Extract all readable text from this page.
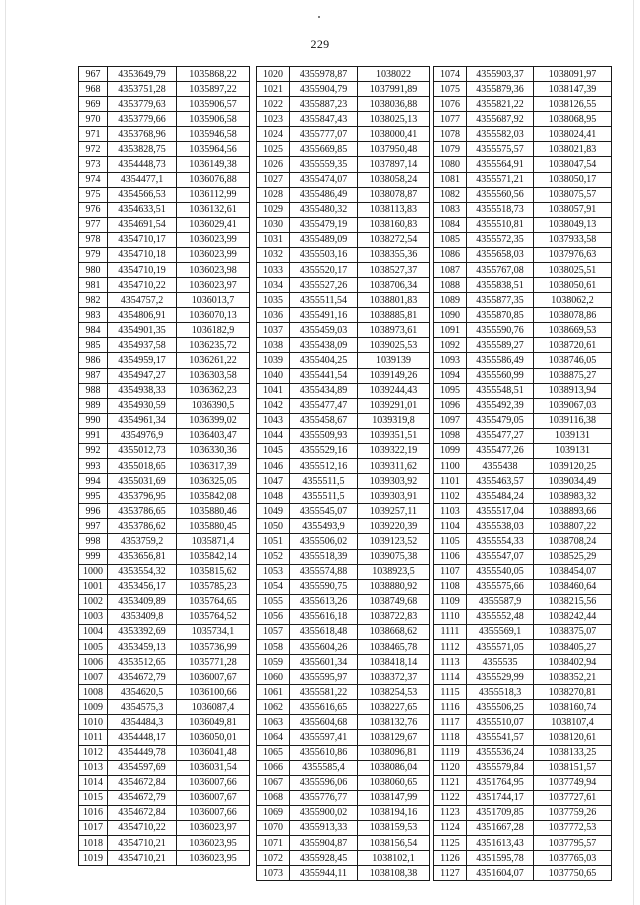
229
967	4353649,79	1035868,22
968	4353751,28	1035897,22
969	4353779,63	1035906,57
970	4353779,66	1035906,58
971	4353768,96	1035946,58
972	4353828,75	1035964,56
973	4354448,73	1036149,38
974	4354477,1	1036076,88
975	4354566,53	1036112,99
976	4354633,51	1036132,61
977	4354691,54	1036029,41
978	4354710,17	1036023,99
979	4354710,18	1036023,99
980	4354710,19	1036023,98
981	4354710,22	1036023,97
982	4354757,2	1036013,7
983	4354806,91	1036070,13
984	4354901,35	1036182,9
985	4354937,58	1036235,72
986	4354959,17	1036261,22
987	4354947,27	1036303,58
988	4354938,33	1036362,23
989	4354930,59	1036390,5
990	4354961,34	1036399,02
991	4354976,9	1036403,47
992	4355012,73	1036330,36
993	4355018,65	1036317,39
994	4355031,69	1036325,05
995	4353796,95	1035842,08
996	4353786,65	1035880,46
997	4353786,62	1035880,45
998	4353759,2	1035871,4
999	4353656,81	1035842,14
1000	4353554,32	1035815,62
1001	4353456,17	1035785,23
1002	4353409,89	1035764,65
1003	4353409,8	1035764,52
1004	4353392,69	1035734,1
1005	4353459,13	1035736,99
1006	4353512,65	1035771,28
1007	4354672,79	1036007,67
1008	4354620,5	1036100,66
1009	4354575,3	1036087,4
1010	4354484,3	1036049,81
1011	4354448,17	1036050,01
1012	4354449,78	1036041,48
1013	4354597,69	1036031,54
1014	4354672,84	1036007,66
1015	4354672,79	1036007,67
1016	4354672,84	1036007,66
1017	4354710,22	1036023,97
1018	4354710,21	1036023,95
1019	4354710,21	1036023,95
1020	4355978,87	1038022
1021	4355904,79	1037991,89
1022	4355887,23	1038036,88
1023	4355847,43	1038025,13
1024	4355777,07	1038000,41
1025	4355669,85	1037950,48
1026	4355559,35	1037897,14
1027	4355474,07	1038058,24
1028	4355486,49	1038078,87
1029	4355480,32	1038113,83
1030	4355479,19	1038160,83
1031	4355489,09	1038272,54
1032	4355503,16	1038355,36
1033	4355520,17	1038527,37
1034	4355527,26	1038706,34
1035	4355511,54	1038801,83
1036	4355491,16	1038885,81
1037	4355459,03	1038973,61
1038	4355438,09	1039025,53
1039	4355404,25	1039139
1040	4355441,54	1039149,26
1041	4355434,89	1039244,43
1042	4355477,47	1039291,01
1043	4355458,67	1039319,8
1044	4355509,93	1039351,51
1045	4355529,16	1039322,19
1046	4355512,16	1039311,62
1047	4355511,5	1039303,92
1048	4355511,5	1039303,91
1049	4355545,07	1039257,11
1050	4355493,9	1039220,39
1051	4355506,02	1039123,52
1052	4355518,39	1039075,38
1053	4355574,88	1038923,5
1054	4355590,75	1038880,92
1055	4355613,26	1038749,68
1056	4355616,18	1038722,83
1057	4355618,48	1038668,62
1058	4355604,26	1038465,78
1059	4355601,34	1038418,14
1060	4355595,97	1038372,37
1061	4355581,22	1038254,53
1062	4355616,65	1038227,65
1063	4355604,68	1038132,76
1064	4355597,41	1038129,67
1065	4355610,86	1038096,81
1066	4355585,4	1038086,04
1067	4355596,06	1038060,65
1068	4355776,77	1038147,99
1069	4355900,02	1038194,16
1070	4355913,33	1038159,53
1071	4355904,87	1038156,54
1072	4355928,45	1038102,1
1073	4355944,11	1038108,38
1074	4355903,37	1038091,97
1075	4355879,36	1038147,39
1076	4355821,22	1038126,55
1077	4355687,92	1038068,95
1078	4355582,03	1038024,41
1079	4355575,57	1038021,83
1080	4355564,91	1038047,54
1081	4355571,21	1038050,17
1082	4355560,56	1038075,57
1083	4355518,73	1038057,91
1084	4355510,81	1038049,13
1085	4355572,35	1037933,58
1086	4355658,03	1037976,63
1087	4355767,08	1038025,51
1088	4355838,51	1038050,61
1089	4355877,35	1038062,2
1090	4355870,85	1038078,86
1091	4355590,76	1038669,53
1092	4355589,27	1038720,61
1093	4355586,49	1038746,05
1094	4355560,99	1038875,27
1095	4355548,51	1038913,94
1096	4355492,39	1039067,03
1097	4355479,05	1039116,38
1098	4355477,27	1039131
1099	4355477,26	1039131
1100	4355438	1039120,25
1101	4355463,57	1039034,49
1102	4355484,24	1038983,32
1103	4355517,04	1038893,66
1104	4355538,03	1038807,22
1105	4355554,33	1038708,24
1106	4355547,07	1038525,29
1107	4355540,05	1038454,07
1108	4355575,66	1038460,64
1109	4355587,9	1038215,56
1110	4355552,48	1038242,44
1111	4355569,1	1038375,07
1112	4355571,05	1038405,27
1113	4355535	1038402,94
1114	4355529,99	1038352,21
1115	4355518,3	1038270,81
1116	4355506,25	1038160,74
1117	4355510,07	1038107,4
1118	4355541,57	1038120,61
1119	4355536,24	1038133,25
1120	4355579,84	1038151,57
1121	4351764,95	1037749,94
1122	4351744,17	1037727,61
1123	4351709,85	1037759,26
1124	4351667,28	1037772,53
1125	4351613,43	1037795,57
1126	4351595,78	1037765,03
1127	4351604,07	1037750,65
